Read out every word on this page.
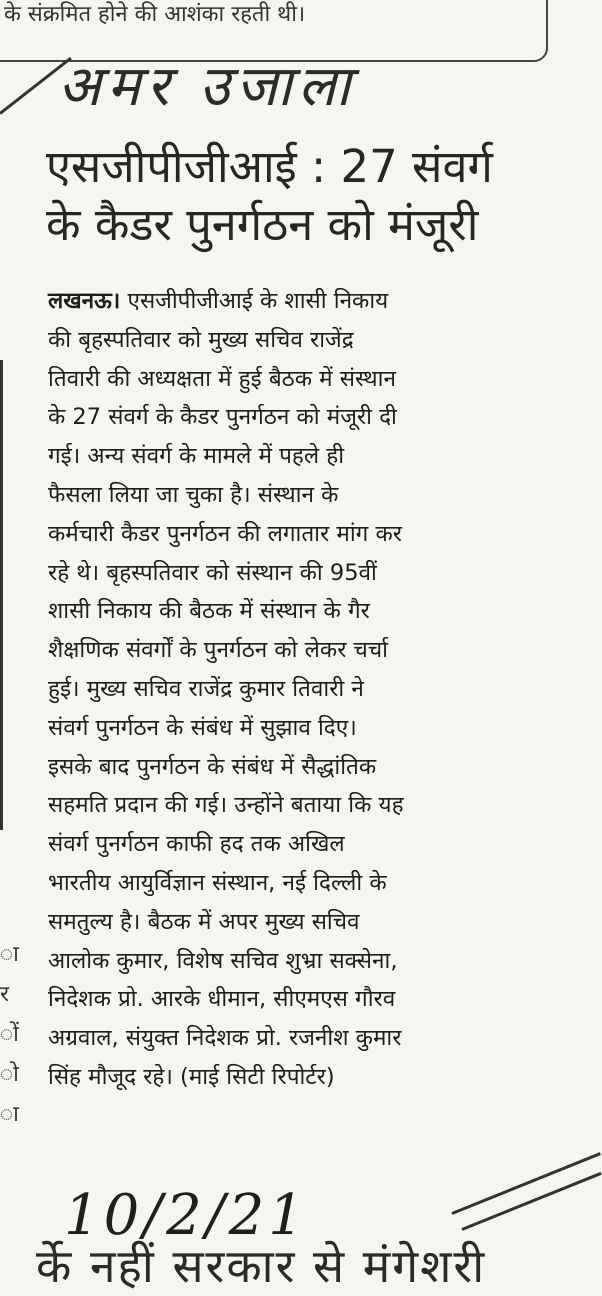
के संक्रमित होने की आशंका रहती थी।
अमर उजाला
एसजीपीजीआई : 27 संवर्ग
के कैडर पुनर्गठन को मंजूरी
लखनऊ। एसजीपीजीआई के शासी निकाय
की बृहस्पतिवार को मुख्य सचिव राजेंद्र
तिवारी की अध्यक्षता में हुई बैठक में संस्थान
के 27 संवर्ग के कैडर पुनर्गठन को मंजूरी दी
गई। अन्य संवर्ग के मामले में पहले ही
फैसला लिया जा चुका है। संस्थान के
कर्मचारी कैडर पुनर्गठन की लगातार मांग कर
रहे थे। बृहस्पतिवार को संस्थान की 95वीं
शासी निकाय की बैठक में संस्थान के गैर
शैक्षणिक संवर्गों के पुनर्गठन को लेकर चर्चा
हुई। मुख्य सचिव राजेंद्र कुमार तिवारी ने
संवर्ग पुनर्गठन के संबंध में सुझाव दिए।
इसके बाद पुनर्गठन के संबंध में सैद्धांतिक
सहमति प्रदान की गई। उन्होंने बताया कि यह
संवर्ग पुनर्गठन काफी हद तक अखिल
भारतीय आयुर्विज्ञान संस्थान, नई दिल्ली के
समतुल्य है। बैठक में अपर मुख्य सचिव
आलोक कुमार, विशेष सचिव शुभ्रा सक्सेना,
निदेशक प्रो. आरके धीमान, सीएमएस गौरव
अग्रवाल, संयुक्त निदेशक प्रो. रजनीश कुमार
सिंह मौजूद रहे। (माई सिटी रिपोर्टर)
ा
र
ों
ो
ा
10/2/21
र्के नहीं सरकार से मंगेशरी
